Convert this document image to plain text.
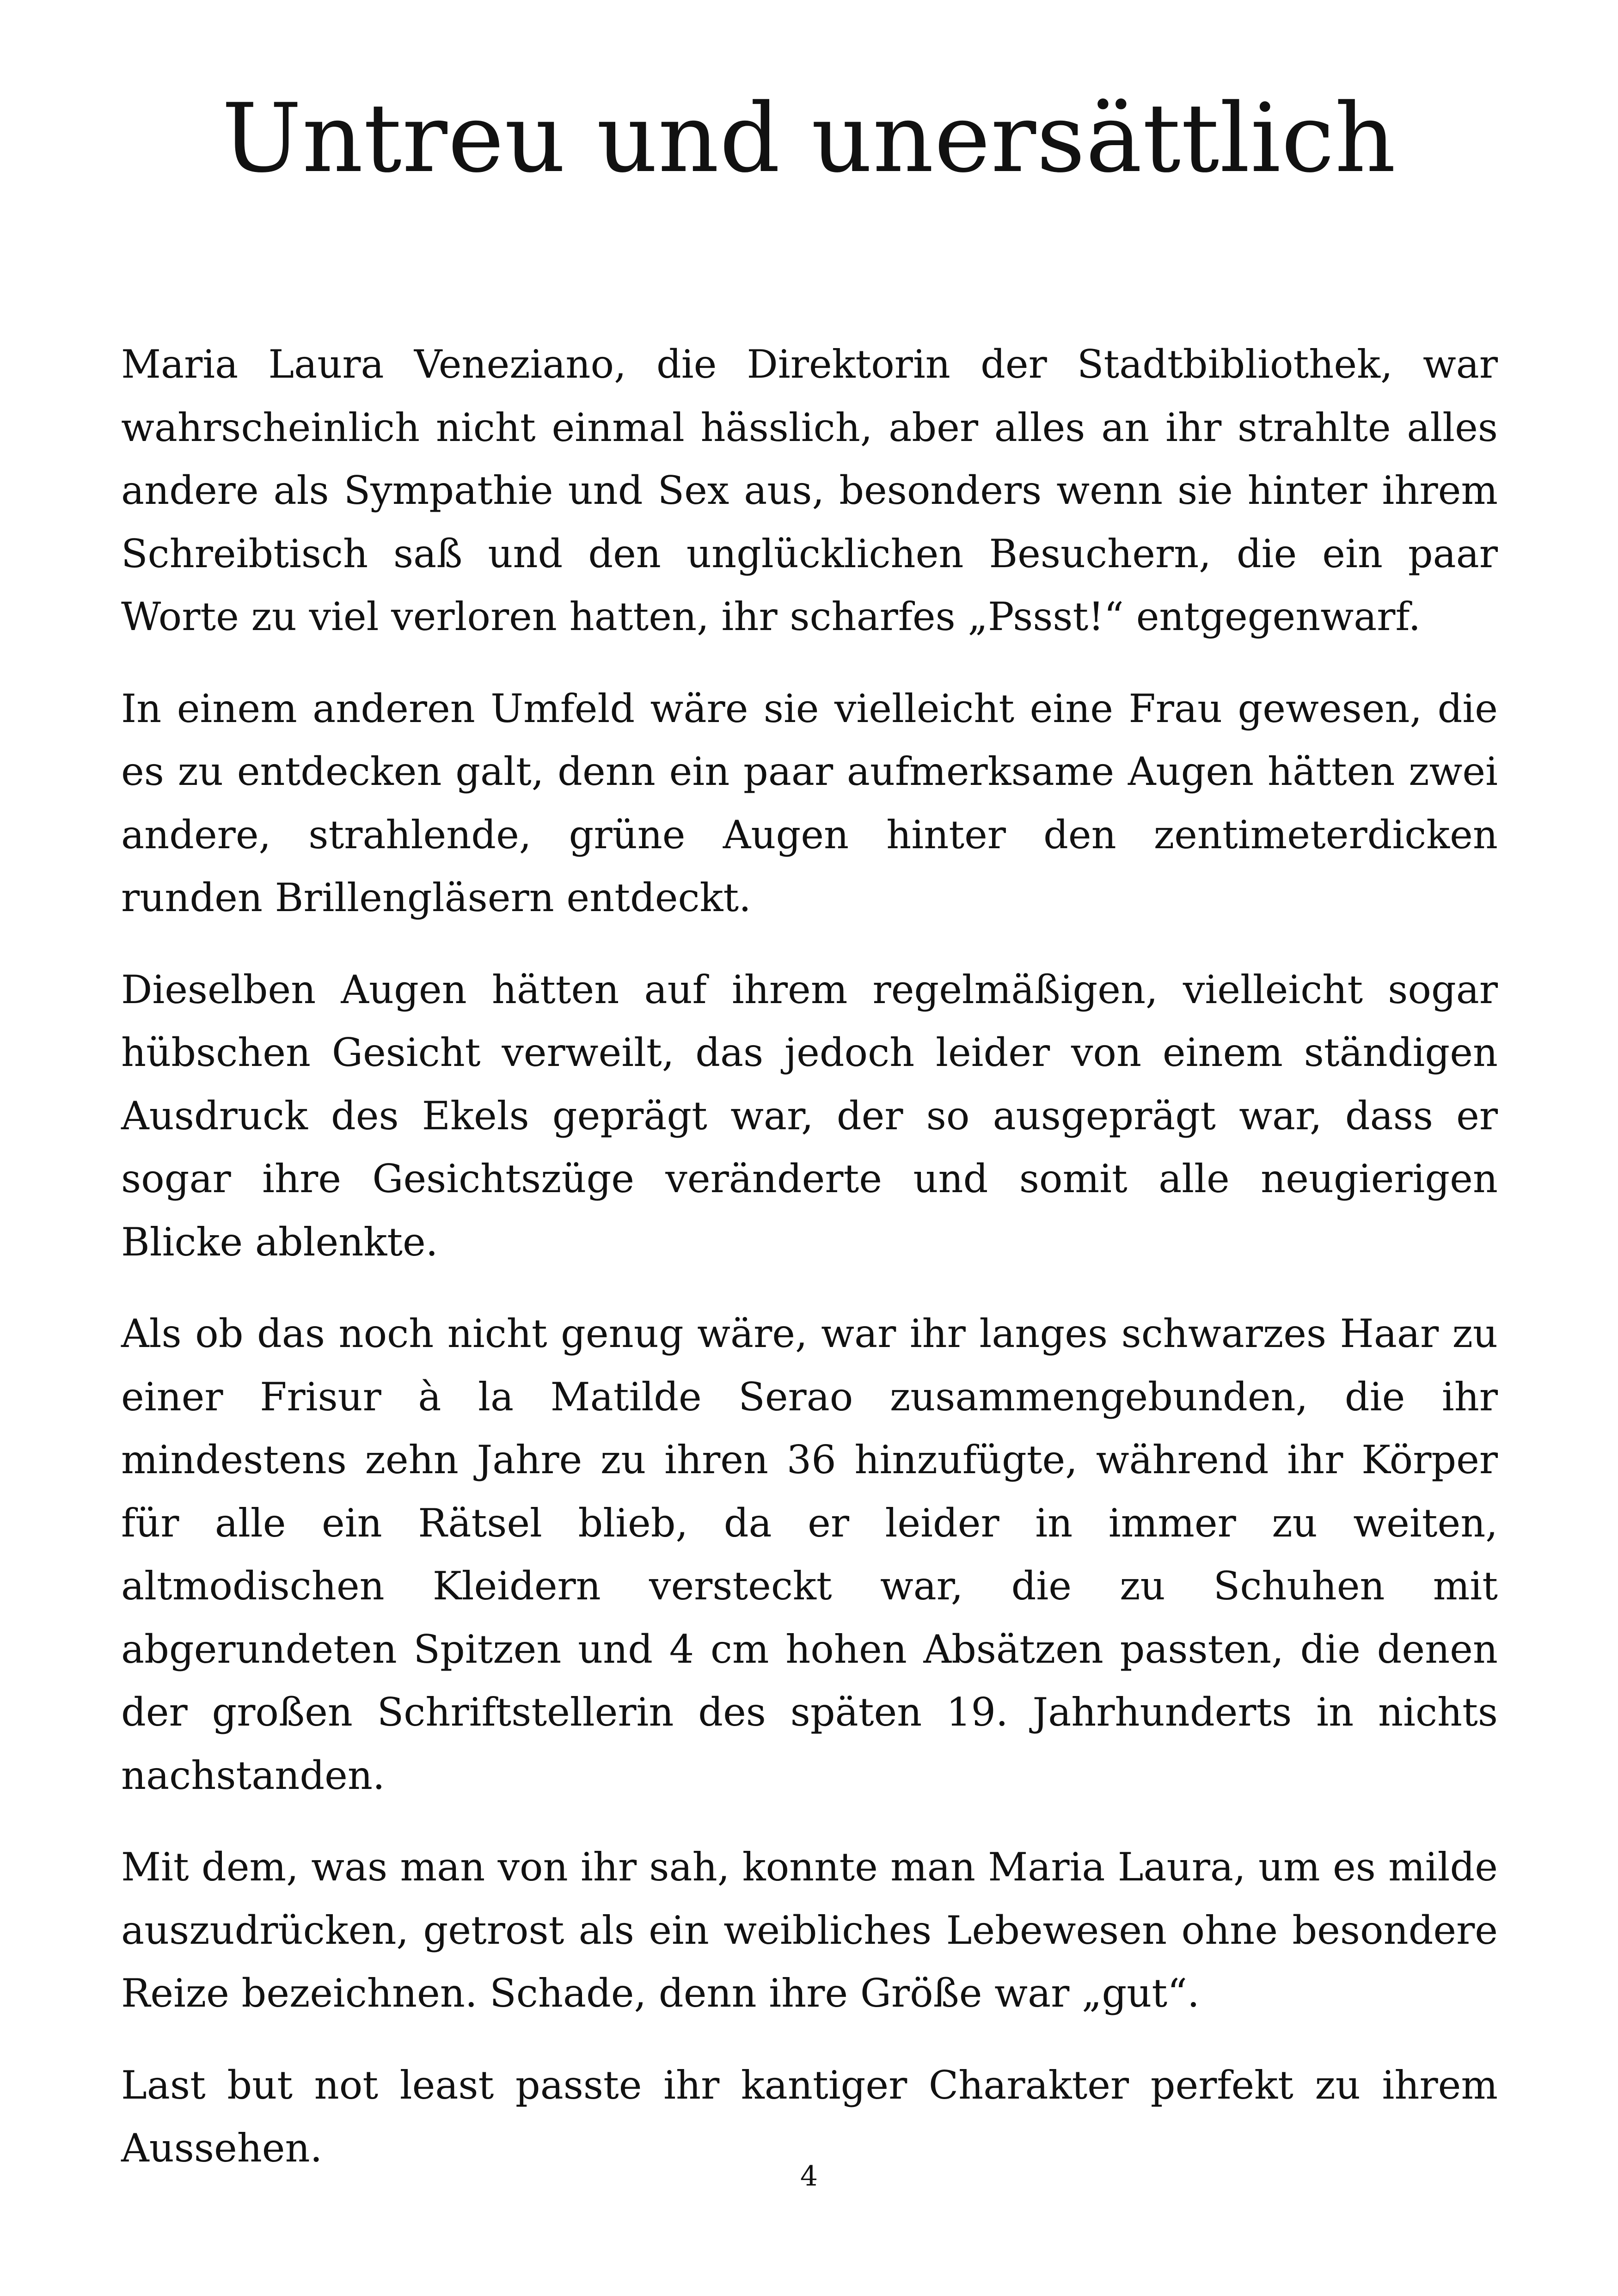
Untreu und unersättlich

Maria Laura Veneziano, die Direktorin der Stadtbibliothek, war wahrscheinlich nicht einmal hässlich, aber alles an ihr strahlte alles andere als Sympathie und Sex aus, besonders wenn sie hinter ihrem Schreibtisch saß und den unglücklichen Besuchern, die ein paar Worte zu viel verloren hatten, ihr scharfes „Pssst!“ entgegenwarf.

In einem anderen Umfeld wäre sie vielleicht eine Frau gewesen, die es zu entdecken galt, denn ein paar aufmerksame Augen hätten zwei andere, strahlende, grüne Augen hinter den zentimeterdicken runden Brillengläsern entdeckt.

Dieselben Augen hätten auf ihrem regelmäßigen, vielleicht sogar hübschen Gesicht verweilt, das jedoch leider von einem ständigen Ausdruck des Ekels geprägt war, der so ausgeprägt war, dass er sogar ihre Gesichtszüge veränderte und somit alle neugierigen Blicke ablenkte.

Als ob das noch nicht genug wäre, war ihr langes schwarzes Haar zu einer Frisur à la Matilde Serao zusammengebunden, die ihr mindestens zehn Jahre zu ihren 36 hinzufügte, während ihr Körper für alle ein Rätsel blieb, da er leider in immer zu weiten, altmodischen Kleidern versteckt war, die zu Schuhen mit abgerundeten Spitzen und 4 cm hohen Absätzen passten, die denen der großen Schriftstellerin des späten 19. Jahrhunderts in nichts nachstanden.

Mit dem, was man von ihr sah, konnte man Maria Laura, um es milde auszudrücken, getrost als ein weibliches Lebewesen ohne besondere Reize bezeichnen. Schade, denn ihre Größe war „gut“.

Last but not least passte ihr kantiger Charakter perfekt zu ihrem Aussehen.

4
